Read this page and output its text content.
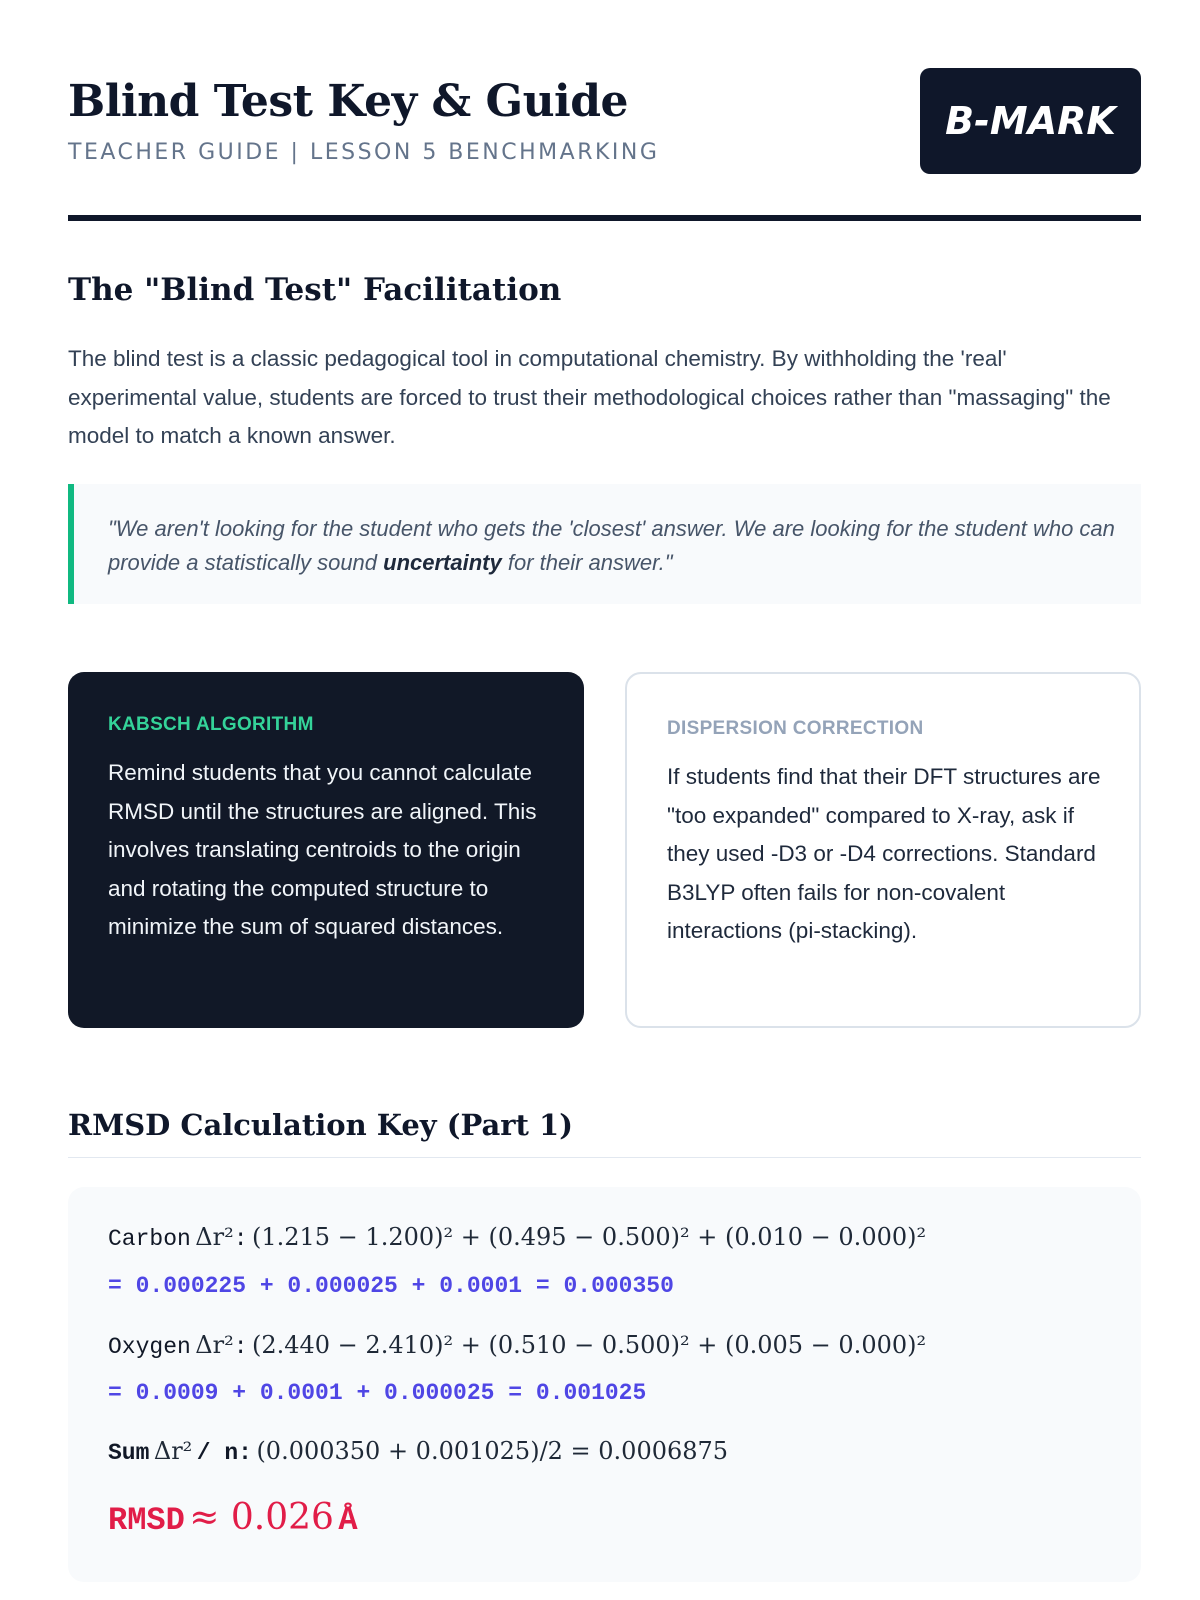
Blind Test Key & Guide
TEACHER GUIDE | LESSON 5 BENCHMARKING
B-MARK
The "Blind Test" Facilitation

The blind test is a classic pedagogical tool in computational chemistry. By withholding the 'real' experimental value, students are forced to trust their methodological choices rather than "massaging" the model to match a known answer.

"We aren't looking for the student who gets the 'closest' answer. We are looking for the student who can provide a statistically sound uncertainty for their answer."

KABSCH ALGORITHM

Remind students that you cannot calculate RMSD until the structures are aligned. This involves translating centroids to the origin and rotating the computed structure to minimize the sum of squared distances.

DISPERSION CORRECTION

If students find that their DFT structures are "too expanded" compared to X-ray, ask if they used -D3 or -D4 corrections. Standard B3LYP often fails for non-covalent interactions (pi-stacking).

RMSD Calculation Key (Part 1)
Carbon Δr²: (1.215 − 1.200)² + (0.495 − 0.500)² + (0.010 − 0.000)²
= 0.000225 + 0.000025 + 0.0001 = 0.000350
Oxygen Δr²: (2.440 − 2.410)² + (0.510 − 0.500)² + (0.005 − 0.000)²
= 0.0009 + 0.0001 + 0.000025 = 0.001025
Sum Δr² / n: (0.000350 + 0.001025)/2 = 0.0006875
RMSD ≈ 0.026 Å
